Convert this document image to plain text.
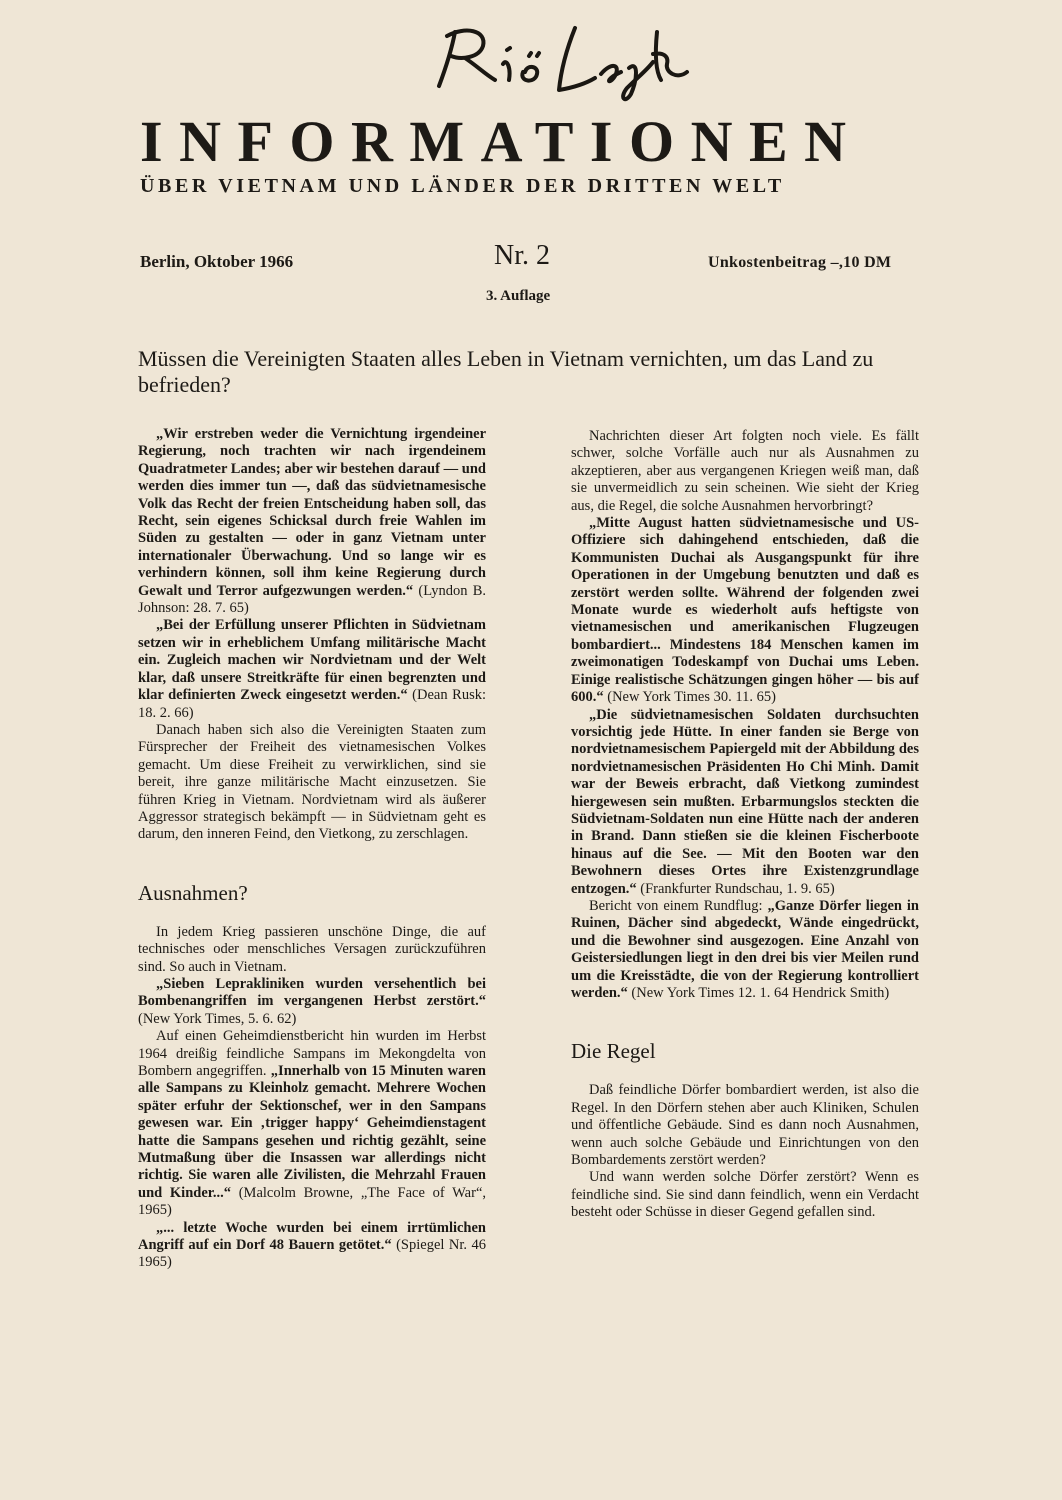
INFORMATIONEN
ÜBER VIETNAM UND LÄNDER DER DRITTEN WELT
Berlin, Oktober 1966	Nr. 2	Unkostenbeitrag –,10 DM
3. Auflage
Müssen die Vereinigten Staaten alles Leben in Vietnam vernichten, um das Land zu befrieden?

„Wir erstreben weder die Vernichtung irgendeiner Regierung, noch trachten wir nach irgendeinem Quadratmeter Landes; aber wir bestehen darauf — und werden dies immer tun —, daß das südvietnamesische Volk das Recht der freien Entscheidung haben soll, das Recht, sein eigenes Schicksal durch freie Wahlen im Süden zu gestalten — oder in ganz Vietnam unter internationaler Überwachung. Und so lange wir es verhindern können, soll ihm keine Regierung durch Gewalt und Terror aufgezwungen werden.“ (Lyndon B. Johnson: 28. 7. 65)

„Bei der Erfüllung unserer Pflichten in Südvietnam setzen wir in erheblichem Umfang militärische Macht ein. Zugleich machen wir Nordvietnam und der Welt klar, daß unsere Streitkräfte für einen begrenzten und klar definierten Zweck eingesetzt werden.“ (Dean Rusk: 18. 2. 66)

Danach haben sich also die Vereinigten Staaten zum Fürsprecher der Freiheit des vietnamesischen Volkes gemacht. Um diese Freiheit zu verwirklichen, sind sie bereit, ihre ganze militärische Macht einzusetzen. Sie führen Krieg in Vietnam. Nordvietnam wird als äußerer Aggressor strategisch bekämpft — in Südvietnam geht es darum, den inneren Feind, den Vietkong, zu zerschlagen.

Ausnahmen?

In jedem Krieg passieren unschöne Dinge, die auf technisches oder menschliches Versagen zurückzuführen sind. So auch in Vietnam.

„Sieben Leprakliniken wurden versehentlich bei Bombenangriffen im vergangenen Herbst zerstört.“ (New York Times, 5. 6. 62)

Auf einen Geheimdienstbericht hin wurden im Herbst 1964 dreißig feindliche Sampans im Mekongdelta von Bombern angegriffen. „Innerhalb von 15 Minuten waren alle Sampans zu Kleinholz gemacht. Mehrere Wochen später erfuhr der Sektionschef, wer in den Sampans gewesen war. Ein ‚trigger happy‘ Geheimdienstagent hatte die Sampans gesehen und richtig gezählt, seine Mutmaßung über die Insassen war allerdings nicht richtig. Sie waren alle Zivilisten, die Mehrzahl Frauen und Kinder...“ (Malcolm Browne, „The Face of War“, 1965)

„... letzte Woche wurden bei einem irrtümlichen Angriff auf ein Dorf 48 Bauern getötet.“ (Spiegel Nr. 46 1965)

Nachrichten dieser Art folgten noch viele. Es fällt schwer, solche Vorfälle auch nur als Ausnahmen zu akzeptieren, aber aus vergangenen Kriegen weiß man, daß sie unvermeidlich zu sein scheinen. Wie sieht der Krieg aus, die Regel, die solche Ausnahmen hervorbringt?

„Mitte August hatten südvietnamesische und US-Offiziere sich dahingehend entschieden, daß die Kommunisten Duchai als Ausgangspunkt für ihre Operationen in der Umgebung benutzten und daß es zerstört werden sollte. Während der folgenden zwei Monate wurde es wiederholt aufs heftigste von vietnamesischen und amerikanischen Flugzeugen bombardiert... Mindestens 184 Menschen kamen im zweimonatigen Todeskampf von Duchai ums Leben. Einige realistische Schätzungen gingen höher — bis auf 600.“ (New York Times 30. 11. 65)

„Die südvietnamesischen Soldaten durchsuchten vorsichtig jede Hütte. In einer fanden sie Berge von nordvietnamesischem Papiergeld mit der Abbildung des nordvietnamesischen Präsidenten Ho Chi Minh. Damit war der Beweis erbracht, daß Vietkong zumindest hiergewesen sein mußten. Erbarmungslos steckten die Südvietnam-Soldaten nun eine Hütte nach der anderen in Brand. Dann stießen sie die kleinen Fischerboote hinaus auf die See. — Mit den Booten war den Bewohnern dieses Ortes ihre Existenzgrundlage entzogen.“ (Frankfurter Rundschau, 1. 9. 65)

Bericht von einem Rundflug: „Ganze Dörfer liegen in Ruinen, Dächer sind abgedeckt, Wände eingedrückt, und die Bewohner sind ausgezogen. Eine Anzahl von Geistersiedlungen liegt in den drei bis vier Meilen rund um die Kreisstädte, die von der Regierung kontrolliert werden.“ (New York Times 12. 1. 64 Hendrick Smith)

Die Regel

Daß feindliche Dörfer bombardiert werden, ist also die Regel. In den Dörfern stehen aber auch Kliniken, Schulen und öffentliche Gebäude. Sind es dann noch Ausnahmen, wenn auch solche Gebäude und Einrichtungen von den Bombardements zerstört werden?

Und wann werden solche Dörfer zerstört? Wenn es feindliche sind. Sie sind dann feindlich, wenn ein Verdacht besteht oder Schüsse in dieser Gegend gefallen sind.
